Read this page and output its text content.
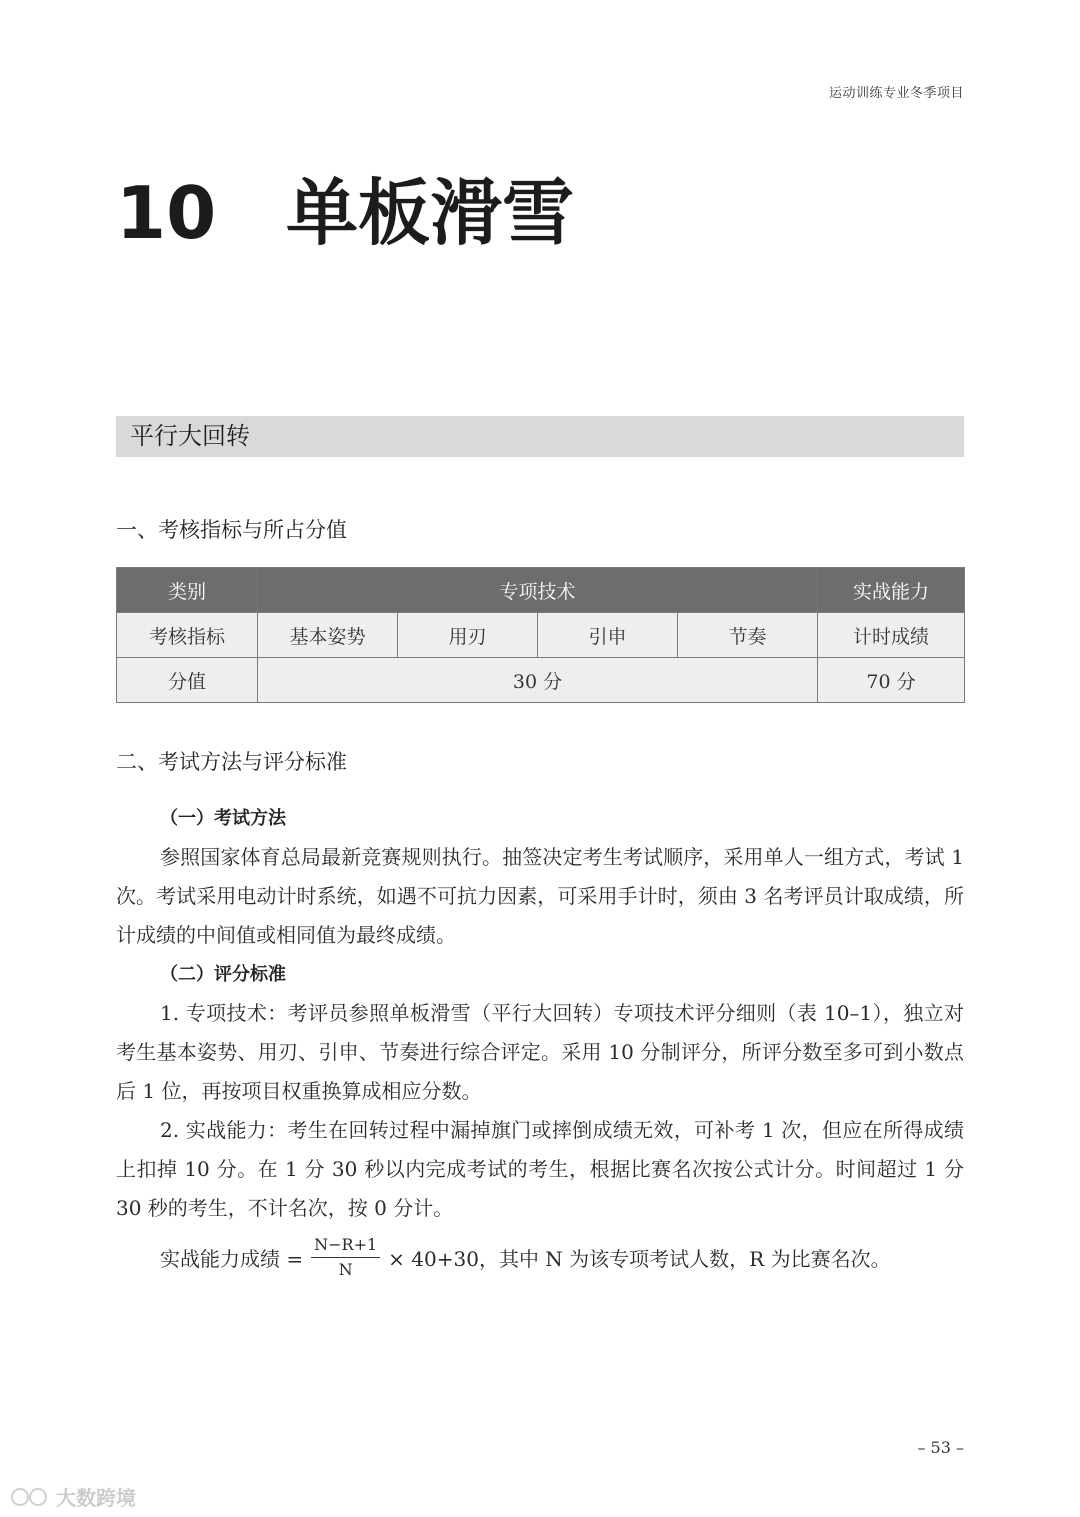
运动训练专业冬季项目
10 单板滑雪
平行大回转
一、考核指标与所占分值
类别	专项技术				实战能力
考核指标	基本姿势	用刃	引申	节奏	计时成绩
分值	30 分				70 分
二、考试方法与评分标准
（一）考试方法

参照国家体育总局最新竞赛规则执行。抽签决定考生考试顺序，采用单人一组方式，考试 1 次。考试采用电动计时系统，如遇不可抗力因素，可采用手计时，须由 3 名考评员计取成绩，所计成绩的中间值或相同值为最终成绩。

（二）评分标准

1. 专项技术：考评员参照单板滑雪（平行大回转）专项技术评分细则（表 10–1），独立对考生基本姿势、用刃、引申、节奏进行综合评定。采用 10 分制评分，所评分数至多可到小数点后 1 位，再按项目权重换算成相应分数。

2. 实战能力：考生在回转过程中漏掉旗门或摔倒成绩无效，可补考 1 次，但应在所得成绩上扣掉 10 分。在 1 分 30 秒以内完成考试的考生，根据比赛名次按公式计分。时间超过 1 分 30 秒的考生，不计名次，按 0 分计。

实战能力成绩 = $\frac{N-R+1}{N} \times 40+30$，其中 N 为该专项考试人数，R 为比赛名次。
– 53 –
大数跨境
